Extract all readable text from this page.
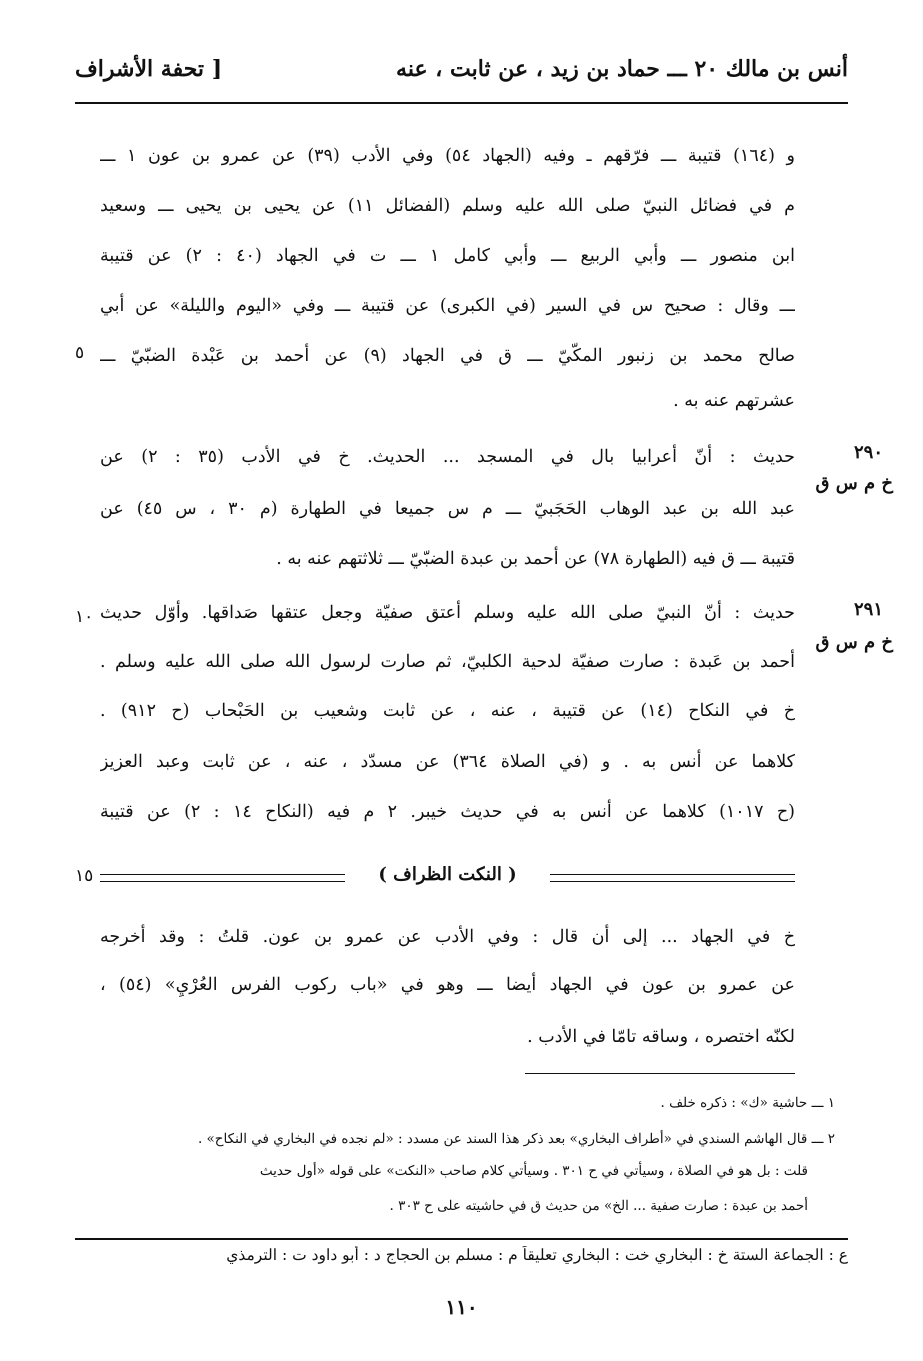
أنس بن مالك ٢٠ ـــ حماد بن زيد ، عن ثابت ، عنه
[ تحفة الأشراف
و (١٦٤) قتيبة ـــ فرّقهم ـ وفيه (الجهاد ٥٤) وفي الأدب (٣٩) عن عمرو بن عون ١ ـــ
م في فضائل النبيّ صلى الله عليه وسلم (الفضائل ١١) عن يحيى بن يحيى ـــ وسعيد
ابن منصور ـــ وأبي الربيع ـــ وأبي كامل ١ ـــ ت في الجهاد (٤٠ : ٢) عن قتيبة
ـــ وقال : صحيح س في السير (في الكبرى) عن قتيبة ـــ وفي «اليوم والليلة» عن أبي
صالح محمد بن زنبور المكّيّ ـــ ق في الجهاد (٩) عن أحمد بن عَبْدة الضبّيّ ـــ
عشرتهم عنه به .
٥
٢٩٠
خ م س ق
حديث : أنّ أعرابيا بال في المسجد ... الحديث. خ في الأدب (٣٥ : ٢) عن
عبد الله بن عبد الوهاب الحَجَبيّ ـــ م س جميعا في الطهارة (م ٣٠ ، س ٤٥) عن
قتيبة ـــ ق فيه (الطهارة ٧٨) عن أحمد بن عبدة الضبّيّ ـــ ثلاثتهم عنه به .
٢٩١
خ م س ق
١٠ حديث : أنّ النبيّ صلى الله عليه وسلم أعتق صفيّة وجعل عتقها صَداقها. وأوّل حديث
أحمد بن عَبدة : صارت صفيّة لدحية الكلبيّ، ثم صارت لرسول الله صلى الله عليه وسلم .
خ في النكاح (١٤) عن قتيبة ، عنه ، عن ثابت وشعيب بن الحَبْحاب (ح ٩١٢) .
كلاهما عن أنس به . و (في الصلاة ٣٦٤) عن مسدّد ، عنه ، عن ثابت وعبد العزيز
(ح ١٠١٧) كلاهما عن أنس به في حديث خيبر. ٢ م فيه (النكاح ١٤ : ٢) عن قتيبة
( النكت الظراف )
١٥
خ في الجهاد ... إلى أن قال : وفي الأدب عن عمرو بن عون. قلتُ : وقد أخرجه
عن عمرو بن عون في الجهاد أيضا ـــ وهو في «باب ركوب الفرس العُرْيِ» (٥٤) ،
لكنّه اختصره ، وساقه تامّا في الأدب .
١ ـــ حاشية «ك» : ذكره خلف .
٢ ـــ قال الهاشم السندي في «أطراف البخاري» بعد ذكر هذا السند عن مسدد : «لم نجده في البخاري في النكاح» .
قلت : بل هو في الصلاة ، وسيأتي في ح ٣٠١ . وسيأتي كلام صاحب «النكت» على قوله «أول حديث
أحمد بن عبدة : صارت صفية ... الخ» من حديث ق في حاشيته على ح ٣٠٣ .
ع : الجماعة الستة خ : البخاري خت : البخاري تعليقاً م : مسلم بن الحجاج د : أبو داود ت : الترمذي
١١٠
